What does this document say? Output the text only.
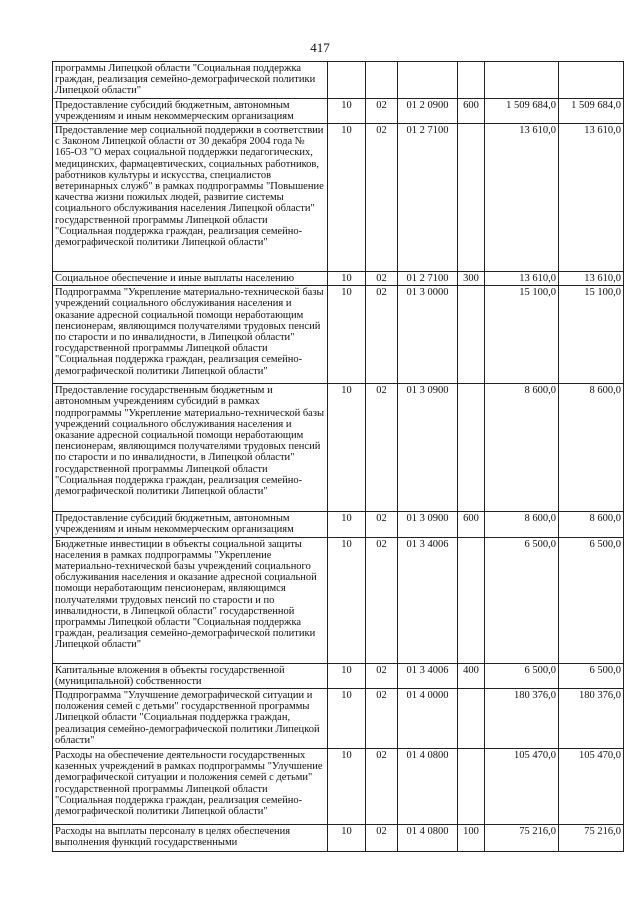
417
программы Липецкой области "Социальная поддержка граждан, реализация семейно-демографической политики Липецкой области"						
Предоставление субсидий бюджетным, автономным учреждениям и иным некоммерческим организациям	10	02	01 2 0900	600	1 509 684,0	1 509 684,0
Предоставление мер социальной поддержки в соответствии с Законом Липецкой области от 30 декабря 2004 года № 165-ОЗ "О мерах социальной поддержки педагогических, медицинских, фармацевтических, социальных работников, работников культуры и искусства, специалистов ветеринарных служб" в рамках подпрограммы "Повышение качества жизни пожилых людей, развитие системы социального обслуживания населения Липецкой области" государственной программы Липецкой области "Социальная поддержка граждан, реализация семейно-демографической политики Липецкой области"	10	02	01 2 7100		13 610,0	13 610,0
Социальное обеспечение и иные выплаты населению	10	02	01 2 7100	300	13 610,0	13 610,0
Подпрограмма "Укрепление материально-технической базы учреждений социального обслуживания населения и оказание адресной социальной помощи неработающим пенсионерам, являющимся получателями трудовых пенсий по старости и по инвалидности, в Липецкой области" государственной программы Липецкой области "Социальная поддержка граждан, реализация семейно-демографической политики Липецкой области"	10	02	01 3 0000		15 100,0	15 100,0
Предоставление государственным бюджетным и автономным учреждениям субсидий в рамках подпрограммы "Укрепление материально-технической базы учреждений социального обслуживания населения и оказание адресной социальной помощи неработающим пенсионерам, являющимся получателями трудовых пенсий по старости и по инвалидности, в Липецкой области" государственной программы Липецкой области "Социальная поддержка граждан, реализация семейно-демографической политики Липецкой области"	10	02	01 3 0900		8 600,0	8 600,0
Предоставление субсидий бюджетным, автономным учреждениям и иным некоммерческим организациям	10	02	01 3 0900	600	8 600,0	8 600,0
Бюджетные инвестиции в объекты социальной защиты населения в рамках подпрограммы "Укрепление материально-технической базы учреждений социального обслуживания населения и оказание адресной социальной помощи неработающим пенсионерам, являющимся получателями трудовых пенсий по старости и по инвалидности, в Липецкой области" государственной программы Липецкой области "Социальная поддержка граждан, реализация семейно-демографической политики Липецкой области"	10	02	01 3 4006		6 500,0	6 500,0
Капитальные вложения в объекты государственной (муниципальной) собственности	10	02	01 3 4006	400	6 500,0	6 500,0
Подпрограмма "Улучшение демографической ситуации и положения семей с детьми" государственной программы Липецкой области "Социальная поддержка граждан, реализация семейно-демографической политики Липецкой области"	10	02	01 4 0000		180 376,0	180 376,0
Расходы на обеспечение деятельности государственных казенных учреждений в рамках подпрограммы "Улучшение демографической ситуации и положения семей с детьми" государственной программы Липецкой области "Социальная поддержка граждан, реализация семейно-демографической политики Липецкой области"	10	02	01 4 0800		105 470,0	105 470,0
Расходы на выплаты персоналу в целях обеспечения выполнения функций государственными	10	02	01 4 0800	100	75 216,0	75 216,0
